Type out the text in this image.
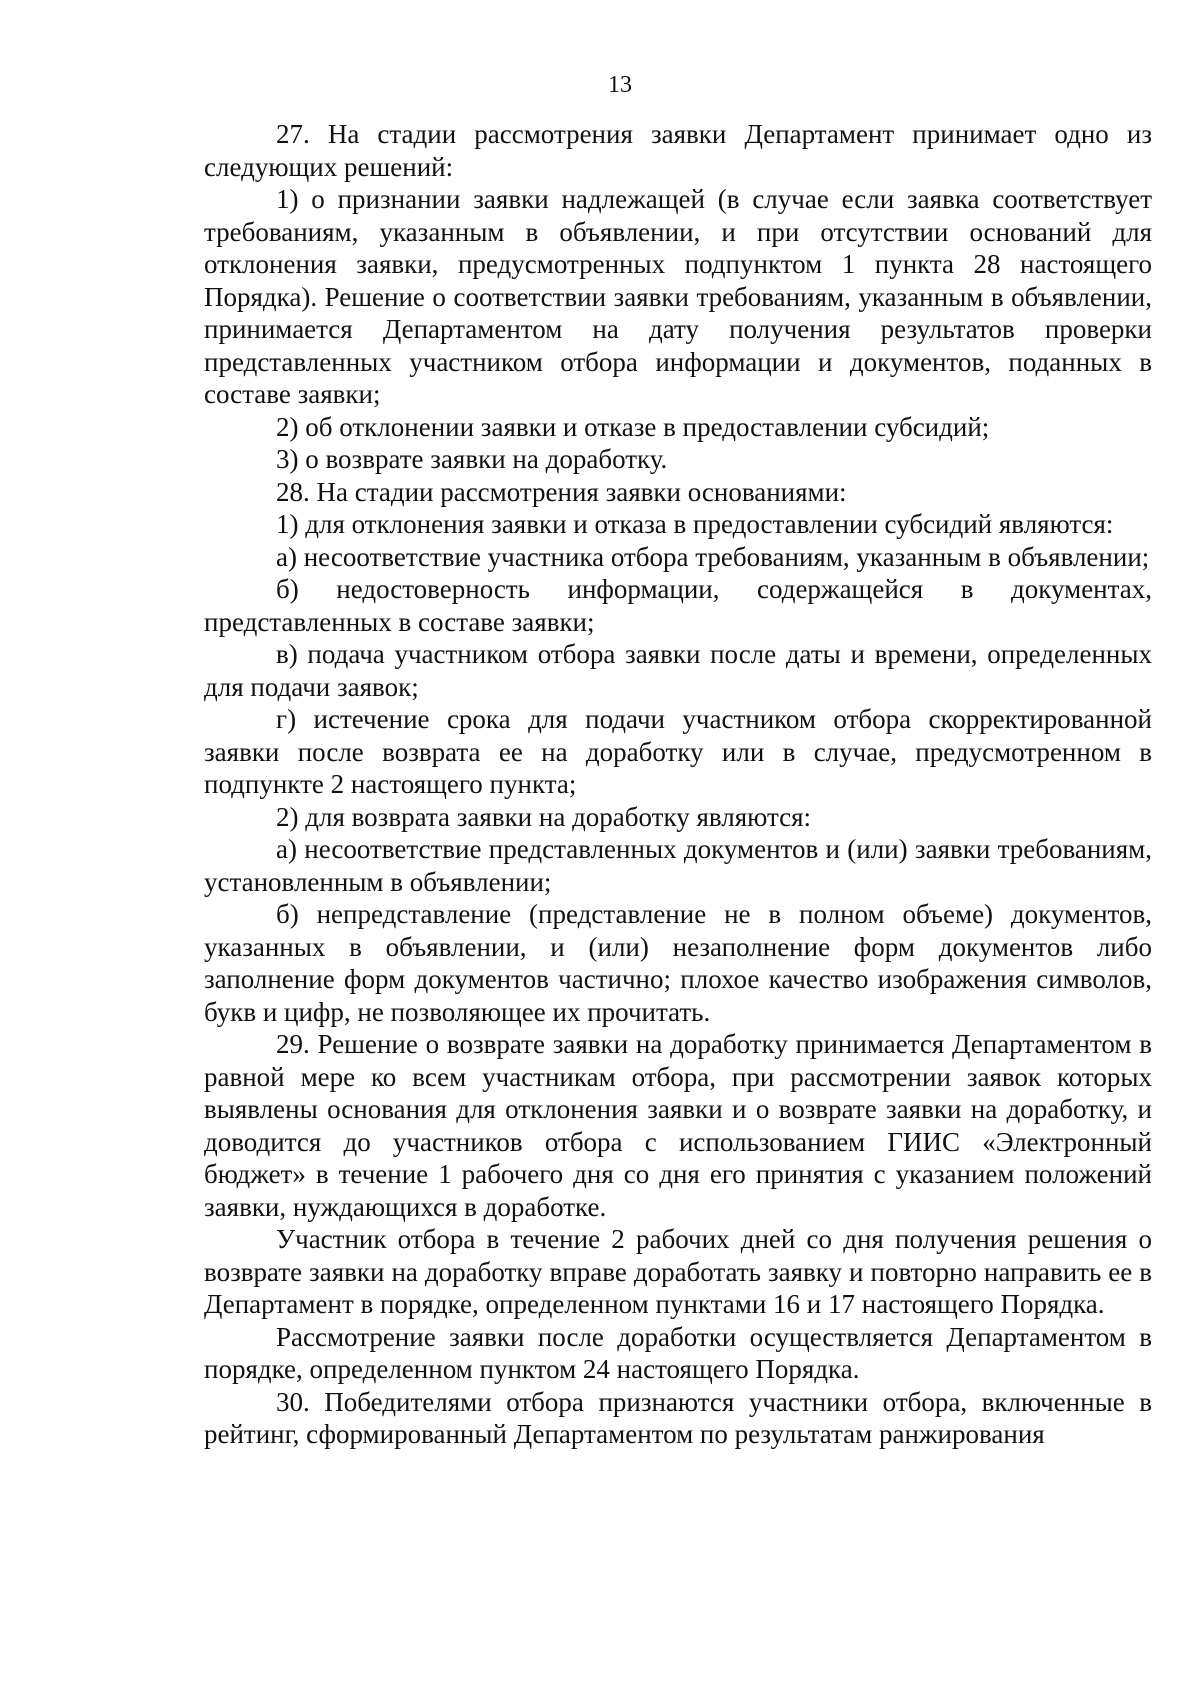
13

27. На стадии рассмотрения заявки Департамент принимает одно из следующих решений:

1) о признании заявки надлежащей (в случае если заявка соответствует требованиям, указанным в объявлении, и при отсутствии оснований для отклонения заявки, предусмотренных подпунктом 1 пункта 28 настоящего Порядка). Решение о соответствии заявки требованиям, указанным в объявлении, принимается Департаментом на дату получения результатов проверки представленных участником отбора информации и документов, поданных в составе заявки;

2) об отклонении заявки и отказе в предоставлении субсидий;

3) о возврате заявки на доработку.

28. На стадии рассмотрения заявки основаниями:

1) для отклонения заявки и отказа в предоставлении субсидий являются:

а) несоответствие участника отбора требованиям, указанным в объявлении;

б) недостоверность информации, содержащейся в документах, представленных в составе заявки;

в) подача участником отбора заявки после даты и времени, определенных для подачи заявок;

г) истечение срока для подачи участником отбора скорректированной заявки после возврата ее на доработку или в случае, предусмотренном в подпункте 2 настоящего пункта;

2) для возврата заявки на доработку являются:

а) несоответствие представленных документов и (или) заявки требованиям, установленным в объявлении;

б) непредставление (представление не в полном объеме) документов, указанных в объявлении, и (или) незаполнение форм документов либо заполнение форм документов частично; плохое качество изображения символов, букв и цифр, не позволяющее их прочитать.

29. Решение о возврате заявки на доработку принимается Департаментом в равной мере ко всем участникам отбора, при рассмотрении заявок которых выявлены основания для отклонения заявки и о возврате заявки на доработку, и доводится до участников отбора с использованием ГИИС «Электронный бюджет» в течение 1 рабочего дня со дня его принятия с указанием положений заявки, нуждающихся в доработке.

Участник отбора в течение 2 рабочих дней со дня получения решения о возврате заявки на доработку вправе доработать заявку и повторно направить ее в Департамент в порядке, определенном пунктами 16 и 17 настоящего Порядка.

Рассмотрение заявки после доработки осуществляется Департаментом в порядке, определенном пунктом 24 настоящего Порядка.

30. Победителями отбора признаются участники отбора, включенные в рейтинг, сформированный Департаментом по результатам ранжирования
